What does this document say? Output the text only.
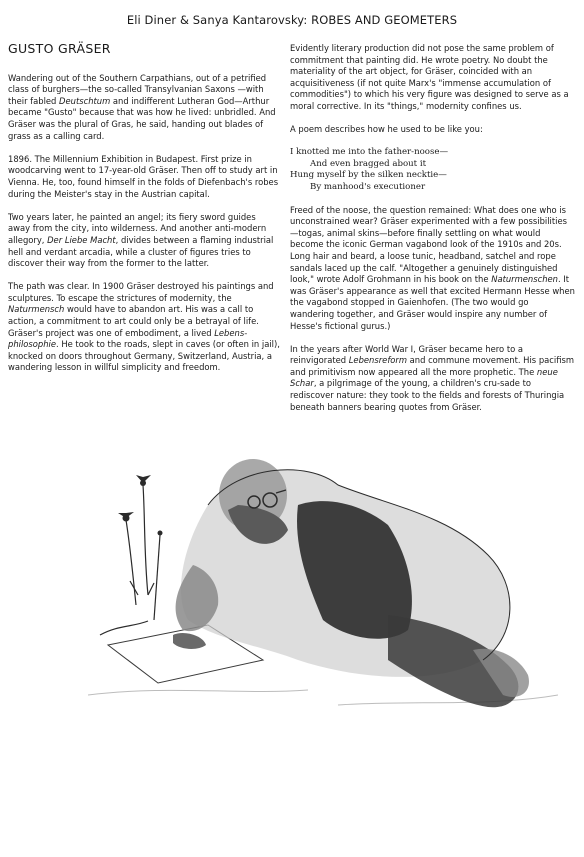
Eli Diner & Sanya Kantarovsky: ROBES AND GEOMETERS
GUSTO GRÄSER

Wandering out of the Southern Carpathians, out of a petrified class of burghers—the so-called Transylvanian Saxons —with their fabled Deutschtum and indifferent Lutheran God—Arthur became "Gusto" because that was how he lived: unbridled. And Gräser was the plural of Gras, he said, handing out blades of grass as a calling card.

1896. The Millennium Exhibition in Budapest. First prize in woodcarving went to 17-year-old Gräser. Then off to study art in Vienna. He, too, found himself in the folds of Diefenbach's robes during the Meister's stay in the Austrian capital.

Two years later, he painted an angel; its fiery sword guides away from the city, into wilderness. And another anti-modern allegory, Der Liebe Macht, divides between a flaming industrial hell and verdant arcadia, while a cluster of figures tries to discover their way from the former to the latter.

The path was clear. In 1900 Gräser destroyed his paintings and sculptures. To escape the strictures of modernity, the Naturmensch would have to abandon art. His was a call to action, a commitment to art could only be a betrayal of life. Gräser's project was one of embodiment, a lived Lebens-philosophie. He took to the roads, slept in caves (or often in jail), knocked on doors throughout Germany, Switzerland, Austria, a wandering lesson in willful simplicity and freedom.

Evidently literary production did not pose the same problem of commitment that painting did. He wrote poetry. No doubt the materiality of the art object, for Gräser, coincided with an acquisitiveness (if not quite Marx's "immense accumulation of commodities") to which his very figure was designed to serve as a moral corrective. In its "things," modernity confines us.

A poem describes how he used to be like you:

I knotted me into the father-noose—
And even bragged about it
Hung myself by the silken necktie—
By manhood's executioner

Freed of the noose, the question remained: What does one who is unconstrained wear? Gräser experimented with a few possibilities—togas, animal skins—before finally settling on what would become the iconic German vagabond look of the 1910s and 20s. Long hair and beard, a loose tunic, headband, satchel and rope sandals laced up the calf. "Altogether a genuinely distinguished look," wrote Adolf Grohmann in his book on the Naturmenschen. It was Gräser's appearance as well that excited Hermann Hesse when the vagabond stopped in Gaienhofen. (The two would go wandering together, and Gräser would inspire any number of Hesse's fictional gurus.)

In the years after World War I, Gräser became hero to a reinvigorated Lebensreform and commune movement. His pacifism and primitivism now appeared all the more prophetic. The neue Schar, a pilgrimage of the young, a children's cru-sade to rediscover nature: they took to the fields and forests of Thuringia beneath banners bearing quotes from Gräser.
